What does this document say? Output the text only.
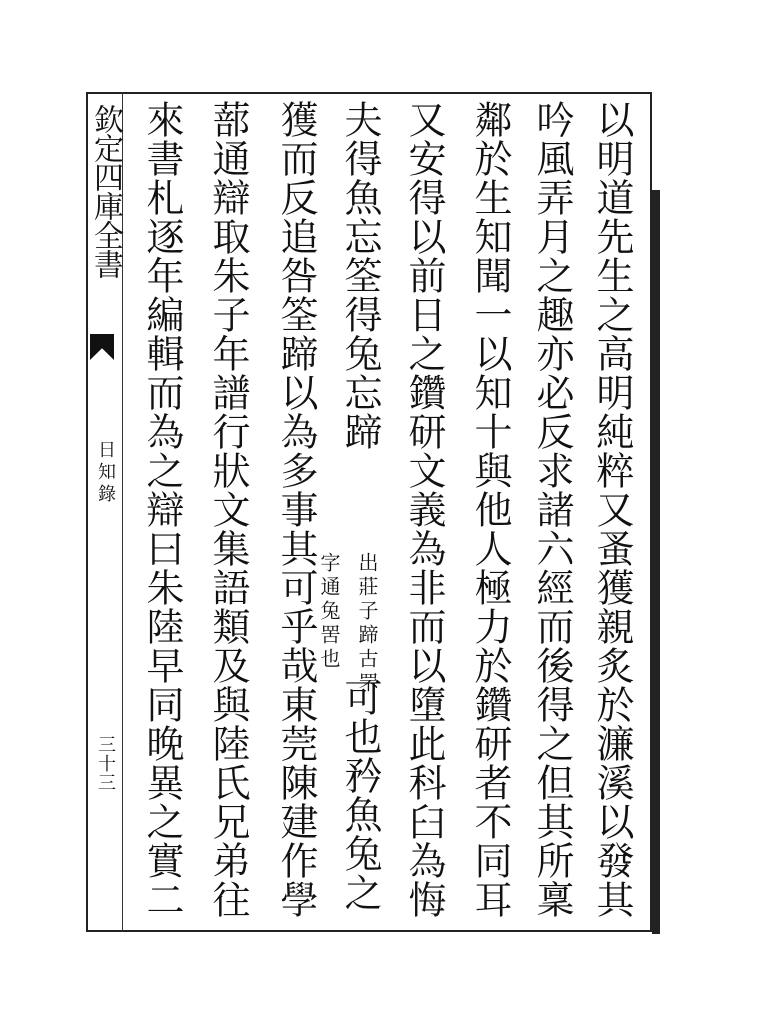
欽定四庫全書
日知錄
三十三	以明道先生之高明純粹又蚤獲親炙於濂溪以發其
吟風弄月之趣亦必反求諸六經而後得之但其所稟
鄰於生知聞一以知十與他人極力於鑽研者不同耳
又安得以前日之鑽研文義為非而以墮此科臼為悔
夫得魚忘筌得兔忘蹄
出莊子蹄古罘
字通兔罟也
可也矜魚兔之
獲而反追咎筌蹄以為多事其可乎哉東莞陳建作學
蔀通辯取朱子年譜行狀文集語類及與陸氏兄弟往
來書札逐年編輯而為之辯曰朱陸早同晚異之實二
